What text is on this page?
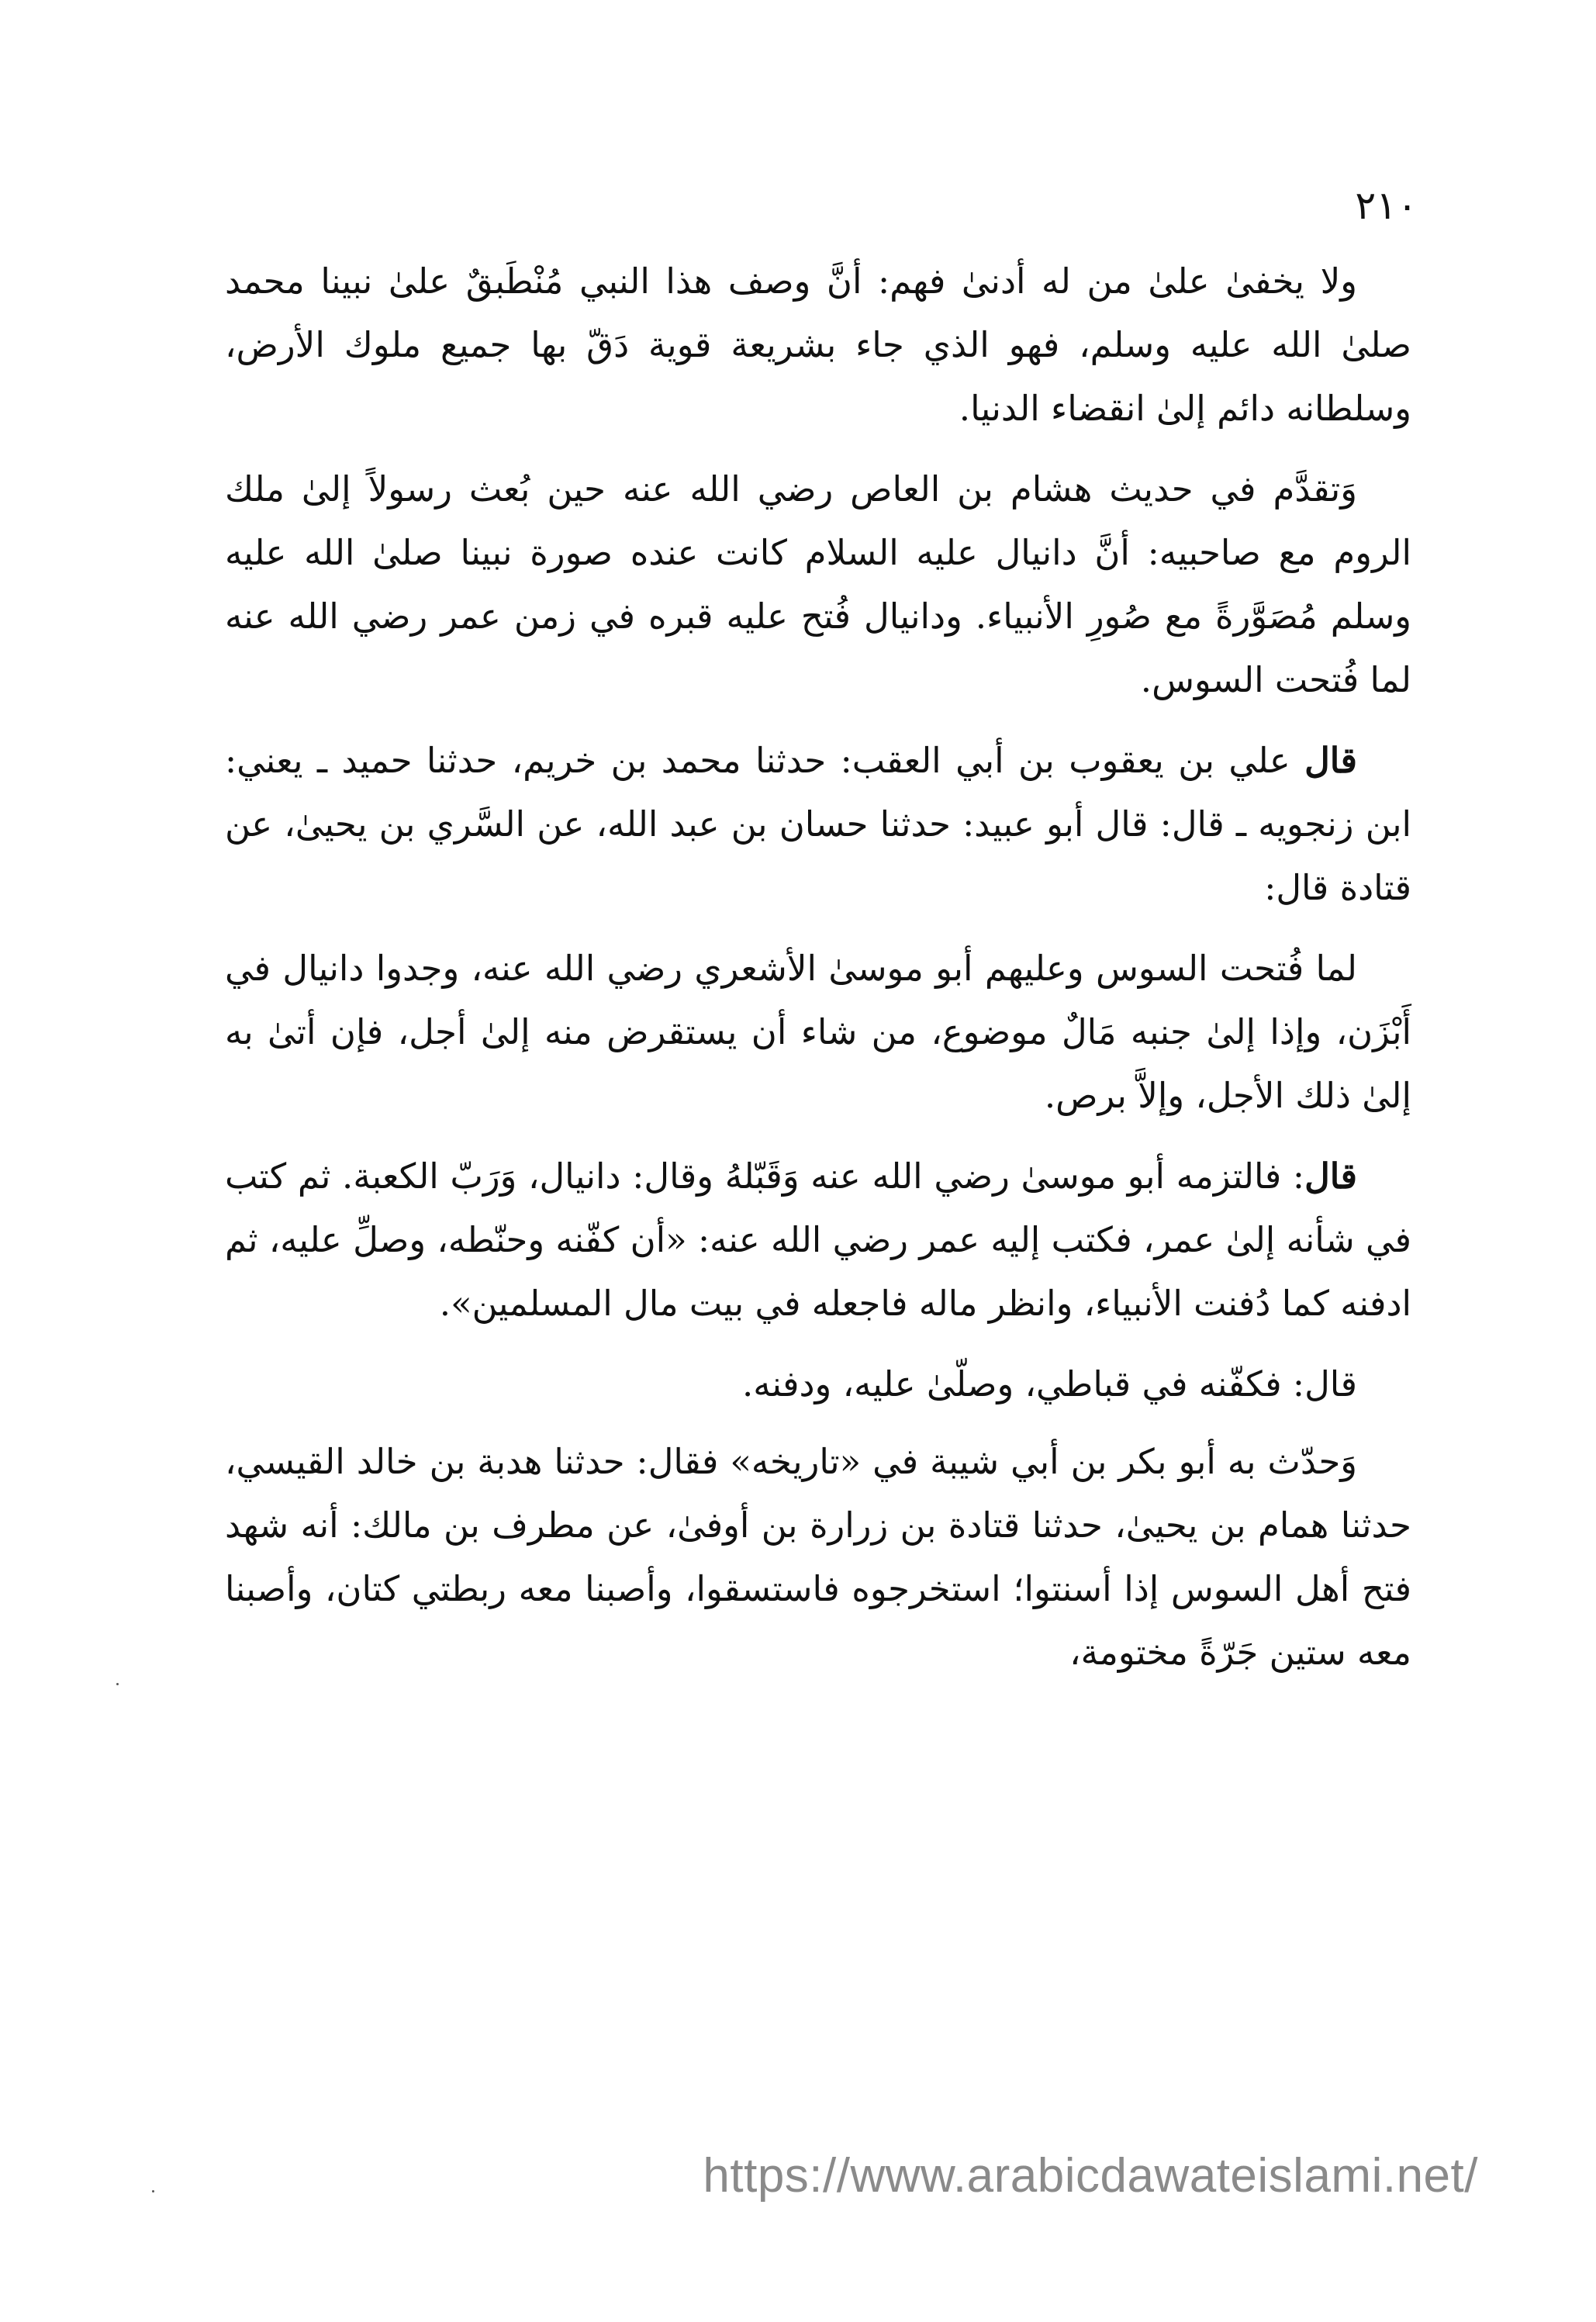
٢١٠

ولا يخفىٰ علىٰ من له أدنىٰ فهم: أنَّ وصف هذا النبي مُنْطَبقٌ علىٰ نبينا محمد صلىٰ الله عليه وسلم، فهو الذي جاء بشريعة قوية دَقّ بها جميع ملوك الأرض، وسلطانه دائم إلىٰ انقضاء الدنيا.

وَتقدَّم في حديث هشام بن العاص رضي الله عنه حين بُعث رسولاً إلىٰ ملك الروم مع صاحبيه: أنَّ دانيال عليه السلام كانت عنده صورة نبينا صلىٰ الله عليه وسلم مُصَوَّرةً مع صُورِ الأنبياء. ودانيال فُتح عليه قبره في زمن عمر رضي الله عنه لما فُتحت السوس.

قال علي بن يعقوب بن أبي العقب: حدثنا محمد بن خريم، حدثنا حميد ـ يعني: ابن زنجويه ـ قال: قال أبو عبيد: حدثنا حسان بن عبد الله، عن السَّري بن يحيىٰ، عن قتادة قال:

لما فُتحت السوس وعليهم أبو موسىٰ الأشعري رضي الله عنه، وجدوا دانيال في أَبْزَن، وإذا إلىٰ جنبه مَالٌ موضوع، من شاء أن يستقرض منه إلىٰ أجل، فإن أتىٰ به إلىٰ ذلك الأجل، وإلاَّ برص.

قال: فالتزمه أبو موسىٰ رضي الله عنه وَقَبّلهُ وقال: دانيال، وَرَبّ الكعبة. ثم كتب في شأنه إلىٰ عمر، فكتب إليه عمر رضي الله عنه: «أن كفّنه وحنّطه، وصلِّ عليه، ثم ادفنه كما دُفنت الأنبياء، وانظر ماله فاجعله في بيت مال المسلمين».

قال: فكفّنه في قباطي، وصلّىٰ عليه، ودفنه.

وَحدّث به أبو بكر بن أبي شيبة في «تاريخه» فقال: حدثنا هدبة بن خالد القيسي، حدثنا همام بن يحيىٰ، حدثنا قتادة بن زرارة بن أوفىٰ، عن مطرف بن مالك: أنه شهد فتح أهل السوس إذا أسنتوا؛ استخرجوه فاستسقوا، وأصبنا معه ربطتي كتان، وأصبنا معه ستين جَرّةً مختومة،

https://www.arabicdawateislami.net/
